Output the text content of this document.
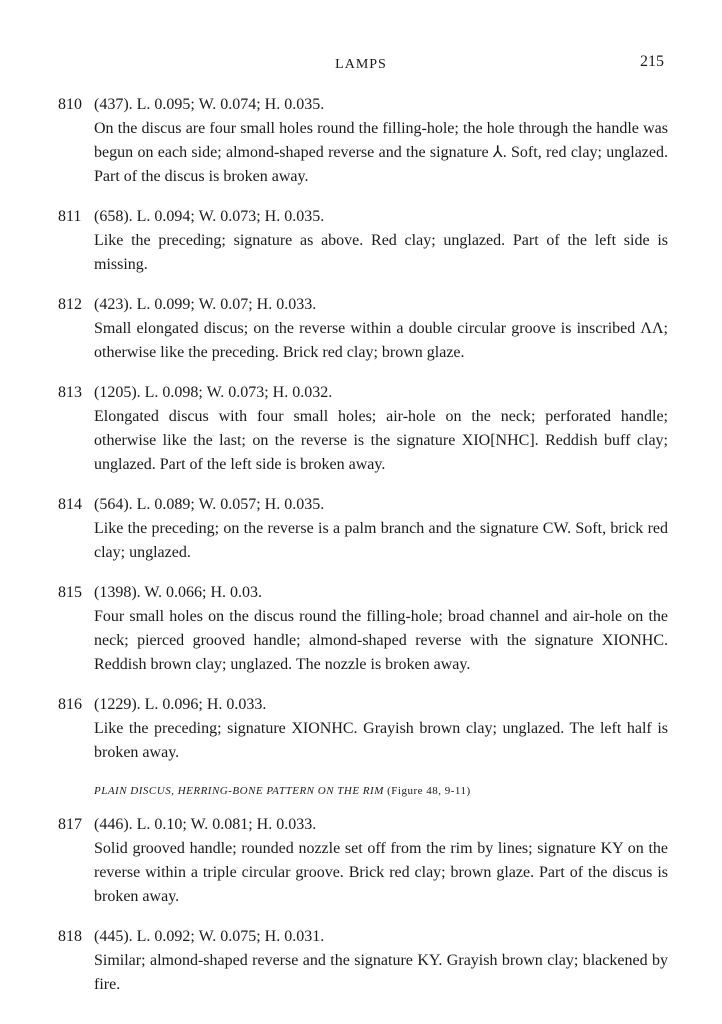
LAMPS	215
810 (437). L. 0.095; W. 0.074; H. 0.035.
On the discus are four small holes round the filling-hole; the hole through the handle was begun on each side; almond-shaped reverse and the signature ⅄. Soft, red clay; unglazed. Part of the discus is broken away.
811 (658). L. 0.094; W. 0.073; H. 0.035.
Like the preceding; signature as above. Red clay; unglazed. Part of the left side is missing.
812 (423). L. 0.099; W. 0.07; H. 0.033.
Small elongated discus; on the reverse within a double circular groove is inscribed ΛΛ; otherwise like the preceding. Brick red clay; brown glaze.
813 (1205). L. 0.098; W. 0.073; H. 0.032.
Elongated discus with four small holes; air-hole on the neck; perforated handle; otherwise like the last; on the reverse is the signature XIO[NHC]. Reddish buff clay; unglazed. Part of the left side is broken away.
814 (564). L. 0.089; W. 0.057; H. 0.035.
Like the preceding; on the reverse is a palm branch and the signature CW. Soft, brick red clay; unglazed.
815 (1398). W. 0.066; H. 0.03.
Four small holes on the discus round the filling-hole; broad channel and air-hole on the neck; pierced grooved handle; almond-shaped reverse with the signature XIONHC. Reddish brown clay; unglazed. The nozzle is broken away.
816 (1229). L. 0.096; H. 0.033.
Like the preceding; signature XIONHC. Grayish brown clay; unglazed. The left half is broken away.
PLAIN DISCUS, HERRING-BONE PATTERN ON THE RIM (Figure 48, 9-11)
817 (446). L. 0.10; W. 0.081; H. 0.033.
Solid grooved handle; rounded nozzle set off from the rim by lines; signature KY on the reverse within a triple circular groove. Brick red clay; brown glaze. Part of the discus is broken away.
818 (445). L. 0.092; W. 0.075; H. 0.031.
Similar; almond-shaped reverse and the signature KY. Grayish brown clay; blackened by fire.
